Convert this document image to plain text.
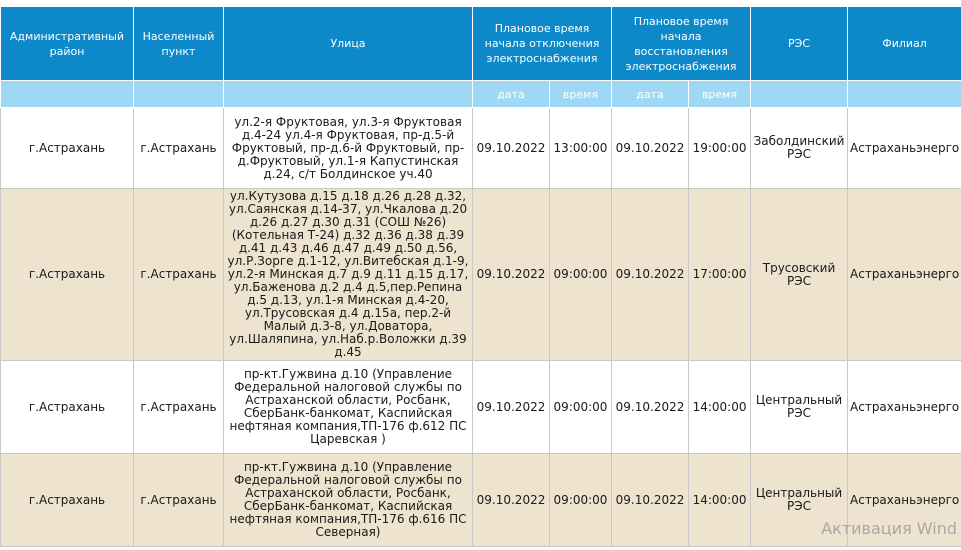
Административный район	Населенный пункт	Улица	Плановое время начала отключения электроснабжения		Плановое время начала восстановления электроснабжения		РЭС	Филиал
			дата	время	дата	время		
г.Астрахань	г.Астрахань	ул.2-я Фруктовая, ул.3-я Фруктовая д.4-24 ул.4-я Фруктовая, пр-д.5-й Фруктовый, пр-д.6-й Фруктовый, пр-д.Фруктовый, ул.1-я Капустинская д.24, с/т Болдинское уч.40	09.10.2022	13:00:00	09.10.2022	19:00:00	Заболдинский РЭС	Астраханьэнерго
г.Астрахань	г.Астрахань	ул.Кутузова д.15 д.18 д.26 д.28 д.32, ул.Саянская д.14-37, ул.Чкалова д.20 д.26 д.27 д.30 д.31 (СОШ №26) (Котельная Т-24) д.32 д.36 д.38 д.39 д.41 д.43 д.46 д.47 д.49 д.50 д.56, ул.Р.Зорге д.1-12, ул.Витебская д.1-9, ул.2-я Минская д.7 д.9 д.11 д.15 д.17, ул.Баженова д.2 д.4 д.5,пер.Репина д.5 д.13, ул.1-я Минская д.4-20, ул.Трусовская д.4 д.15а, пер.2-й Малый д.3-8, ул.Доватора, ул.Шаляпина, ул.Наб.р.Воложки д.39 д.45	09.10.2022	09:00:00	09.10.2022	17:00:00	Трусовский РЭС	Астраханьэнерго
г.Астрахань	г.Астрахань	пр-кт.Гужвина д.10 (Управление Федеральной налоговой службы по Астраханской области, Росбанк, СберБанк-банкомат, Каспийская нефтяная компания,ТП-176 ф.612 ПС Царевская )	09.10.2022	09:00:00	09.10.2022	14:00:00	Центральный РЭС	Астраханьэнерго
г.Астрахань	г.Астрахань	пр-кт.Гужвина д.10 (Управление Федеральной налоговой службы по Астраханской области, Росбанк, СберБанк-банкомат, Каспийская нефтяная компания,ТП-176 ф.616 ПС Северная)	09.10.2022	09:00:00	09.10.2022	14:00:00	Центральный РЭС	Астраханьэнерго
Активация Wind
